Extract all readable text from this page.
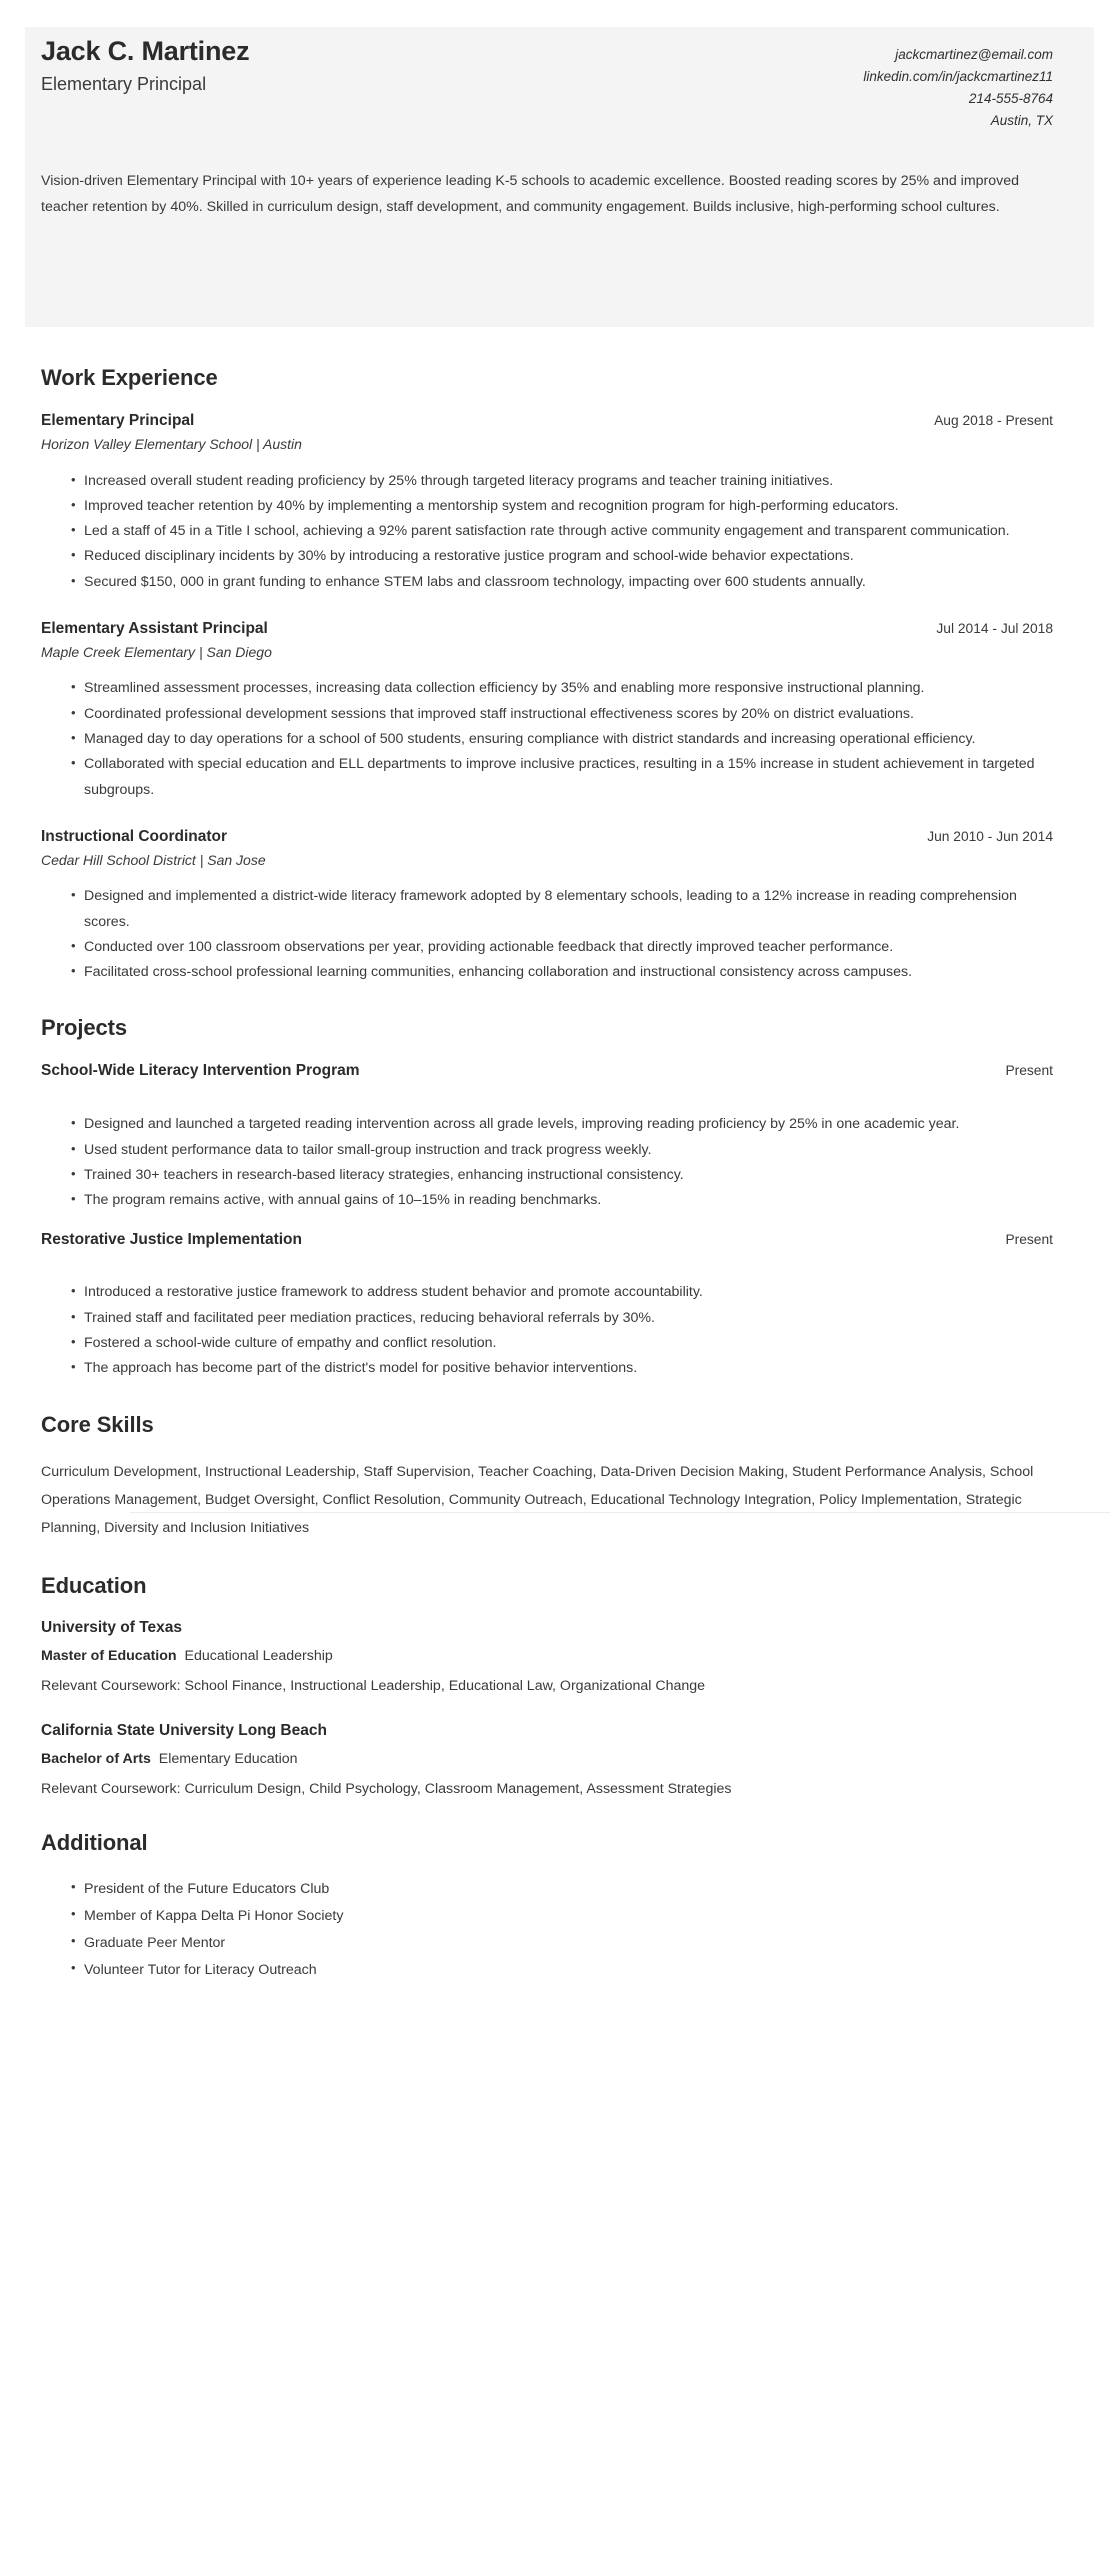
Jack C. Martinez
Elementary Principal
jackcmartinez@email.com
linkedin.com/in/jackcmartinez11
214-555-8764
Austin, TX
Vision-driven Elementary Principal with 10+ years of experience leading K-5 schools to academic excellence. Boosted reading scores by 25% and improved teacher retention by 40%. Skilled in curriculum design, staff development, and community engagement. Builds inclusive, high-performing school cultures.
Work Experience
Elementary Principal	Aug 2018 - Present
Horizon Valley Elementary School | Austin
• Increased overall student reading proficiency by 25% through targeted literacy programs and teacher training initiatives.
• Improved teacher retention by 40% by implementing a mentorship system and recognition program for high-performing educators.
• Led a staff of 45 in a Title I school, achieving a 92% parent satisfaction rate through active community engagement and transparent communication.
• Reduced disciplinary incidents by 30% by introducing a restorative justice program and school-wide behavior expectations.
• Secured $150, 000 in grant funding to enhance STEM labs and classroom technology, impacting over 600 students annually.
Elementary Assistant Principal	Jul 2014 - Jul 2018
Maple Creek Elementary | San Diego
• Streamlined assessment processes, increasing data collection efficiency by 35% and enabling more responsive instructional planning.
• Coordinated professional development sessions that improved staff instructional effectiveness scores by 20% on district evaluations.
• Managed day to day operations for a school of 500 students, ensuring compliance with district standards and increasing operational efficiency.
• Collaborated with special education and ELL departments to improve inclusive practices, resulting in a 15% increase in student achievement in targeted subgroups.
Instructional Coordinator	Jun 2010 - Jun 2014
Cedar Hill School District | San Jose
• Designed and implemented a district-wide literacy framework adopted by 8 elementary schools, leading to a 12% increase in reading comprehension scores.
• Conducted over 100 classroom observations per year, providing actionable feedback that directly improved teacher performance.
• Facilitated cross-school professional learning communities, enhancing collaboration and instructional consistency across campuses.
Projects
School-Wide Literacy Intervention Program	Present
• Designed and launched a targeted reading intervention across all grade levels, improving reading proficiency by 25% in one academic year.
• Used student performance data to tailor small-group instruction and track progress weekly.
• Trained 30+ teachers in research-based literacy strategies, enhancing instructional consistency.
• The program remains active, with annual gains of 10–15% in reading benchmarks.
Restorative Justice Implementation	Present
• Introduced a restorative justice framework to address student behavior and promote accountability.
• Trained staff and facilitated peer mediation practices, reducing behavioral referrals by 30%.
• Fostered a school-wide culture of empathy and conflict resolution.
• The approach has become part of the district's model for positive behavior interventions.
Core Skills
Curriculum Development, Instructional Leadership, Staff Supervision, Teacher Coaching, Data-Driven Decision Making, Student Performance Analysis, School Operations Management, Budget Oversight, Conflict Resolution, Community Outreach, Educational Technology Integration, Policy Implementation, Strategic Planning, Diversity and Inclusion Initiatives
Education
University of Texas
Master of Education Educational Leadership
Relevant Coursework: School Finance, Instructional Leadership, Educational Law, Organizational Change
California State University Long Beach
Bachelor of Arts Elementary Education
Relevant Coursework: Curriculum Design, Child Psychology, Classroom Management, Assessment Strategies
Additional
• President of the Future Educators Club
• Member of Kappa Delta Pi Honor Society
• Graduate Peer Mentor
• Volunteer Tutor for Literacy Outreach
